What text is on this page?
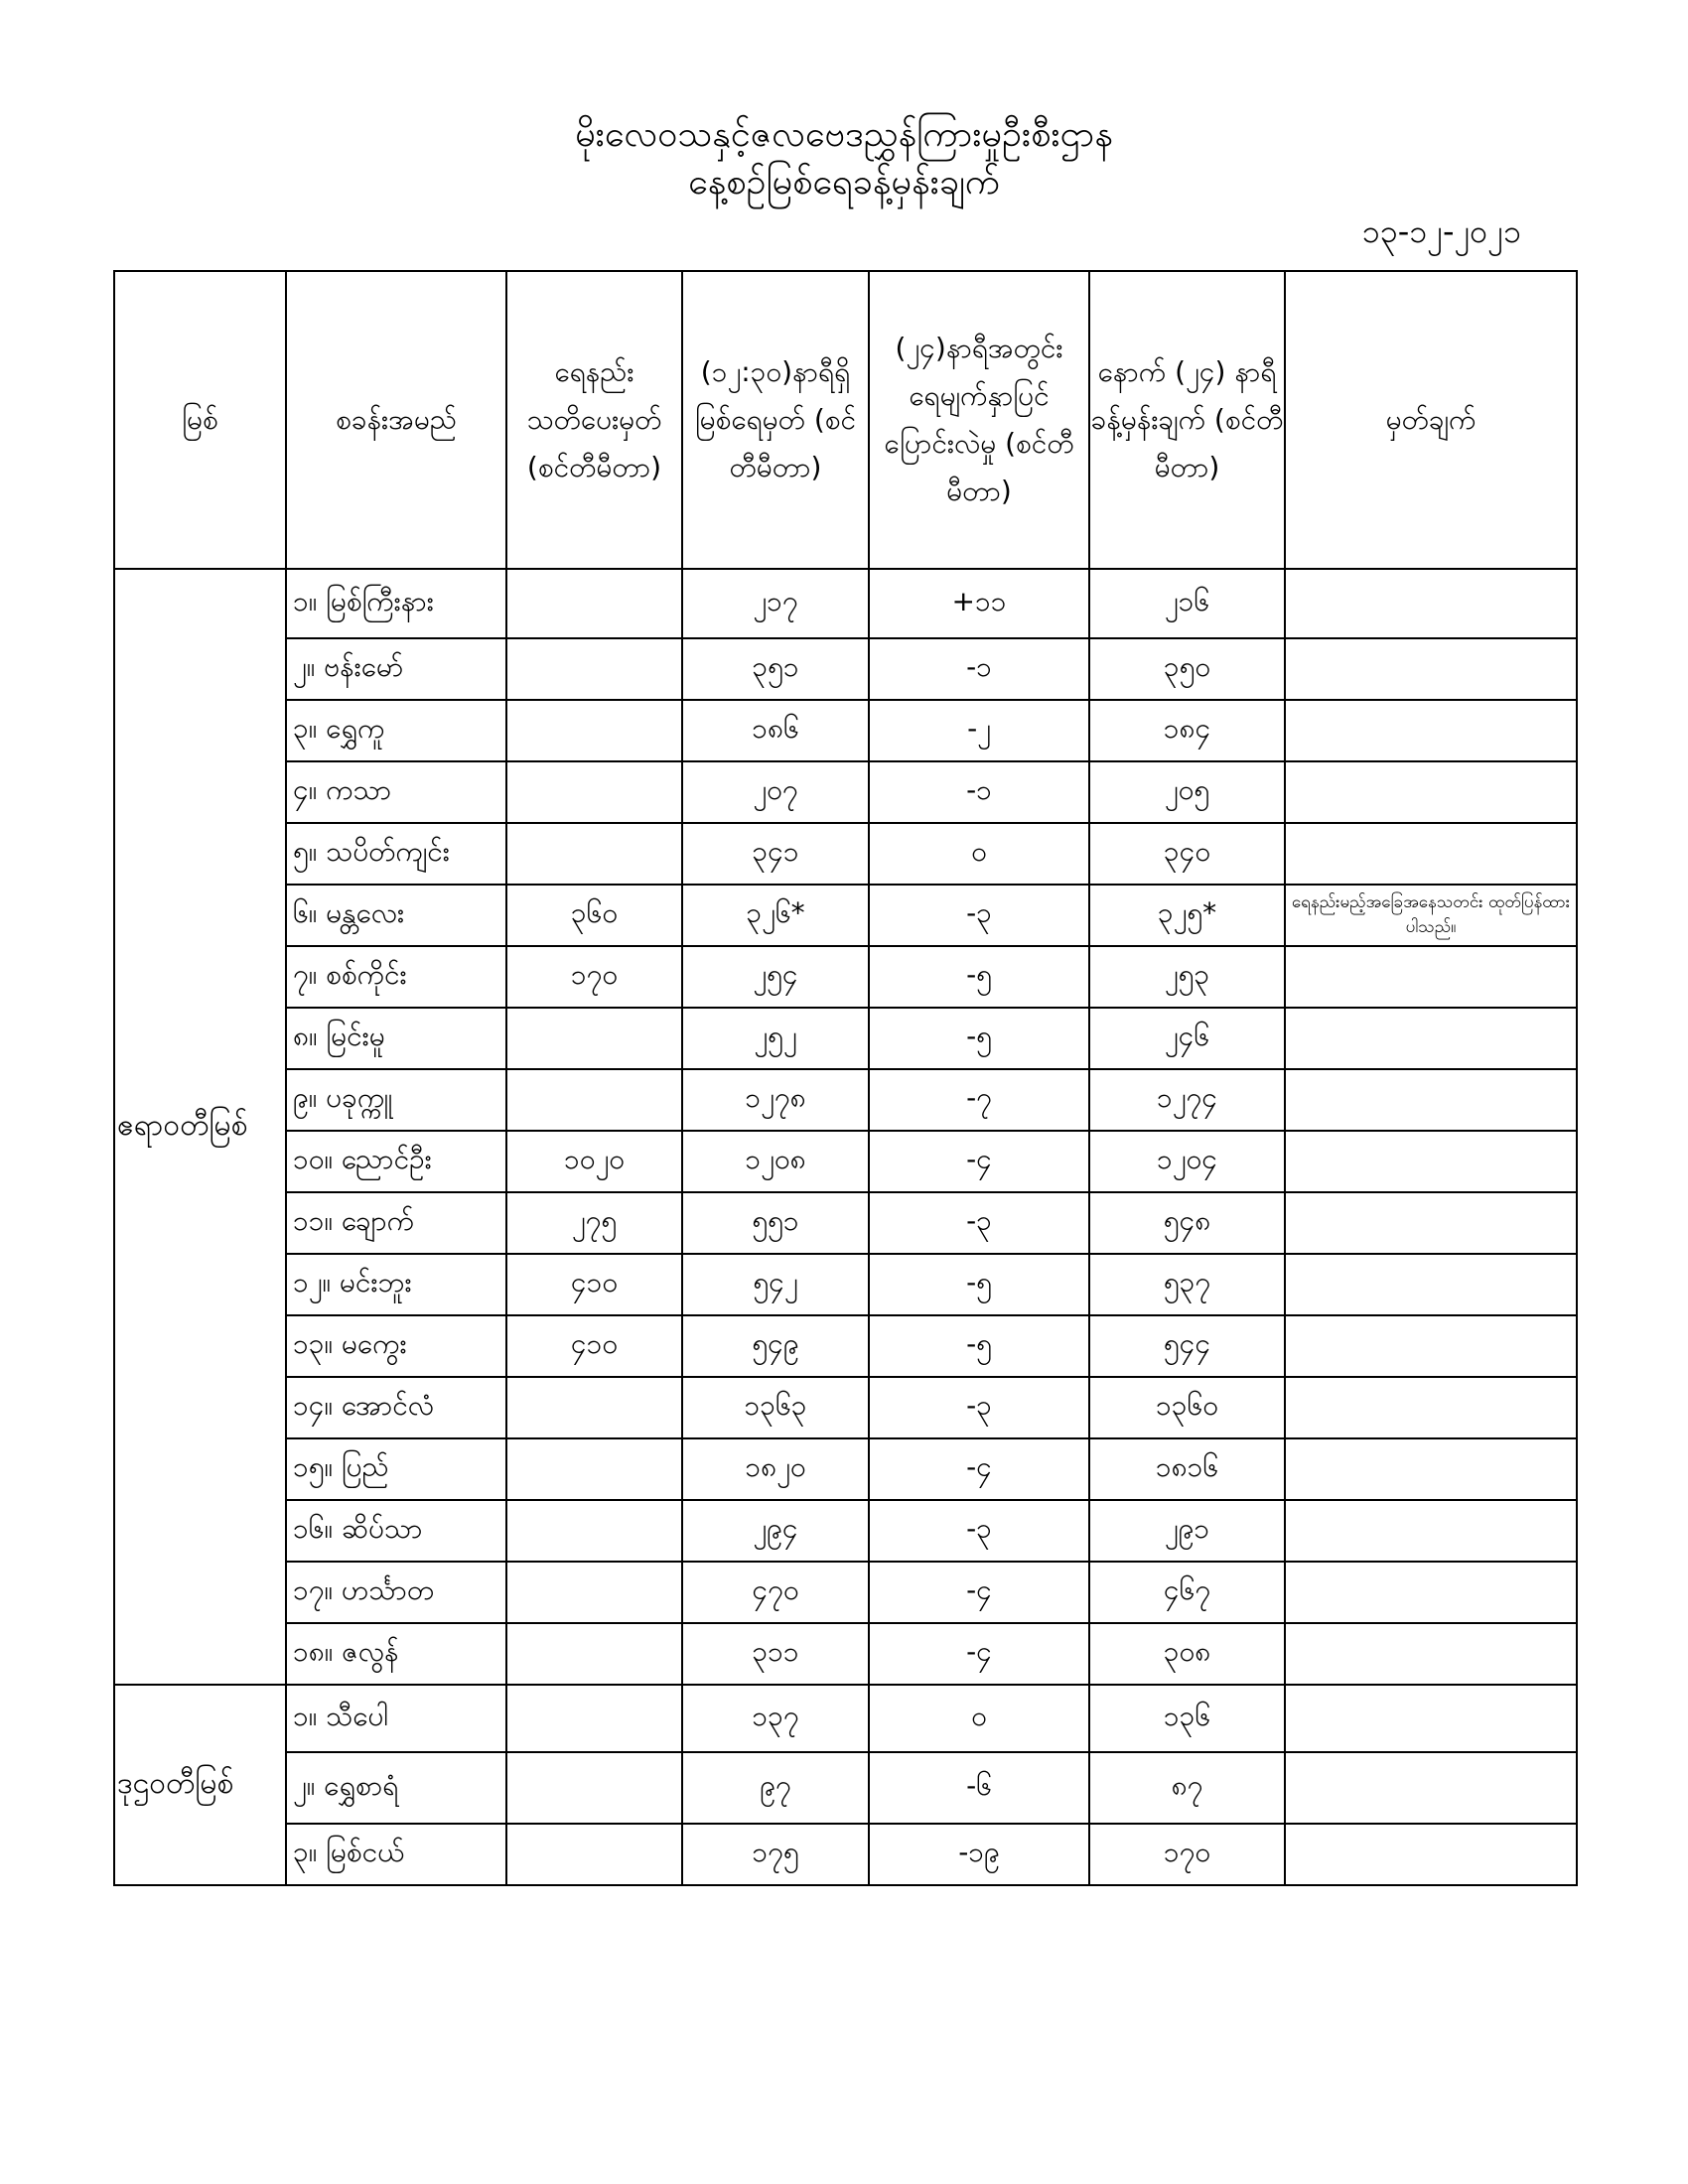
မိုးလေဝသနှင့်ဇလဗေဒညွှန်ကြားမှုဦးစီးဌာန
နေ့စဉ်မြစ်ရေခန့်မှန်းချက်
၁၃-၁၂-၂၀၂၁
မြစ်	စခန်းအမည်	ရေနည်း သတိပေးမှတ် (စင်တီမီတာ)	(၁၂:၃၀)နာရီရှိ မြစ်ရေမှတ် (စင်တီမီတာ)	(၂၄)နာရီအတွင်း ရေမျက်နှာပြင် ပြောင်းလဲမှု (စင်တီမီတာ)	နောက် (၂၄) နာရီ ခန့်မှန်းချက် (စင်တီမီတာ)	မှတ်ချက်
ဧရာဝတီမြစ်	၁။ မြစ်ကြီးနား		၂၁၇	+၁၁	၂၁၆	
	၂။ ဗန်းမော်		၃၅၁	-၁	၃၅၀	
	၃။ ရွှေကူ		၁၈၆	-၂	၁၈၄	
	၄။ ကသာ		၂၀၇	-၁	၂၀၅	
	၅။ သပိတ်ကျင်း		၃၄၁	၀	၃၄၀	
	၆။ မန္တလေး	၃၆၀	၃၂၆*	-၃	၃၂၅*	ရေနည်းမည့်အခြေအနေသတင်း ထုတ်ပြန်ထားပါသည်။
	၇။ စစ်ကိုင်း	၁၇၀	၂၅၄	-၅	၂၅၃	
	၈။ မြင်းမူ		၂၅၂	-၅	၂၄၆	
	၉။ ပခုက္ကူ		၁၂၇၈	-၇	၁၂၇၄	
	၁၀။ ညောင်ဦး	၁၀၂၀	၁၂၀၈	-၄	၁၂၀၄	
	၁၁။ ချောက်	၂၇၅	၅၅၁	-၃	၅၄၈	
	၁၂။ မင်းဘူး	၄၁၀	၅၄၂	-၅	၅၃၇	
	၁၃။ မကွေး	၄၁၀	၅၄၉	-၅	၅၄၄	
	၁၄။ အောင်လံ		၁၃၆၃	-၃	၁၃၆၀	
	၁၅။ ပြည်		၁၈၂၀	-၄	၁၈၁၆	
	၁၆။ ဆိပ်သာ		၂၉၄	-၃	၂၉၁	
	၁၇။ ဟင်္သာတ		၄၇၀	-၄	၄၆၇	
	၁၈။ ဇလွန်		၃၁၁	-၄	၃၀၈	
ဒုဌဝတီမြစ်	၁။ သီပေါ		၁၃၇	၀	၁၃၆	
	၂။ ရွှေစာရံ		၉၇	-၆	၈၇	
	၃။ မြစ်ငယ်		၁၇၅	-၁၉	၁၇၀	
